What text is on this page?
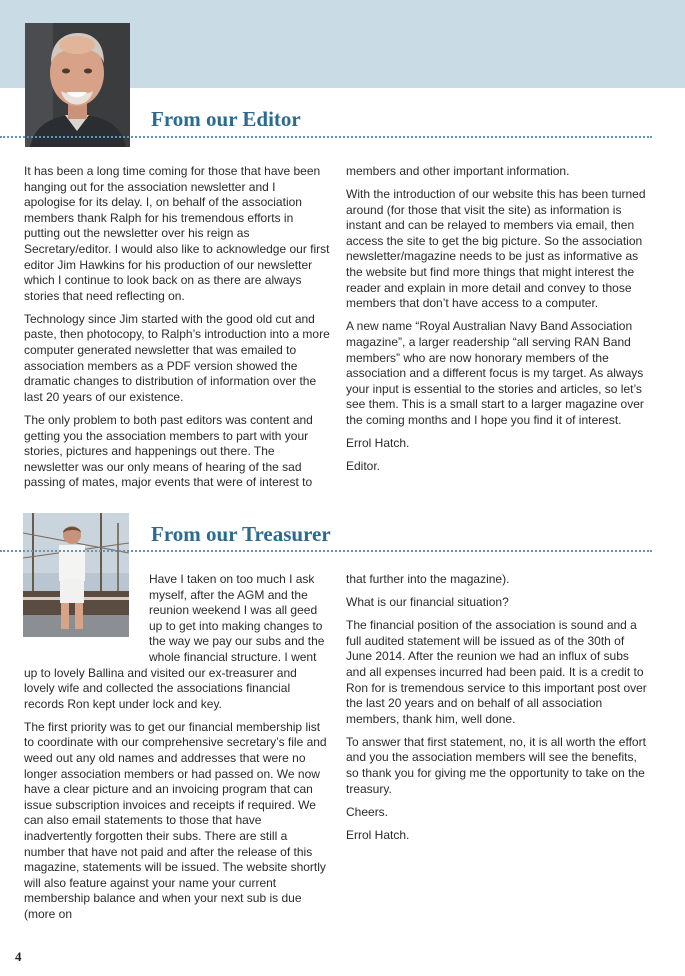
From our Editor

It has been a long time coming for those that have been hanging out for the association newsletter and I apologise for its delay. I, on behalf of the association members thank Ralph for his tremendous efforts in putting out the newsletter over his reign as Secretary/editor. I would also like to acknowledge our first editor Jim Hawkins for his production of our newsletter which I continue to look back on as there are always stories that need reflecting on.

Technology since Jim started with the good old cut and paste, then photocopy, to Ralph’s introduction into a more computer generated newsletter that was emailed to association members as a PDF version showed the dramatic changes to distribution of information over the last 20 years of our existence.

The only problem to both past editors was content and getting you the association members to part with your stories, pictures and happenings out there. The newsletter was our only means of hearing of the sad passing of mates, major events that were of interest to

members and other important information.

With the introduction of our website this has been turned around (for those that visit the site) as information is instant and can be relayed to members via email, then access the site to get the big picture. So the association newsletter/magazine needs to be just as informative as the website but find more things that might interest the reader and explain in more detail and convey to those members that don’t have access to a computer.

A new name “Royal Australian Navy Band Association magazine”, a larger readership “all serving RAN Band members” who are now honorary members of the association and a different focus is my target. As always your input is essential to the stories and articles, so let’s see them. This is a small start to a larger magazine over the coming months and I hope you find it of interest.

Errol Hatch.

Editor.

From our Treasurer

Have I taken on too much I ask myself, after the AGM and the reunion weekend I was all geed up to get into making changes to the way we pay our subs and the whole financial structure. I went up to lovely Ballina and visited our ex-treasurer and lovely wife and collected the associations financial records Ron kept under lock and key.

The first priority was to get our financial membership list to coordinate with our comprehensive secretary’s file and weed out any old names and addresses that were no longer association members or had passed on. We now have a clear picture and an invoicing program that can issue subscription invoices and receipts if required. We can also email statements to those that have inadvertently forgotten their subs. There are still a number that have not paid and after the release of this magazine, statements will be issued. The website shortly will also feature against your name your current membership balance and when your next sub is due (more on

that further into the magazine).

What is our financial situation?

The financial position of the association is sound and a full audited statement will be issued as of the 30th of June 2014. After the reunion we had an influx of subs and all expenses incurred had been paid. It is a credit to Ron for is tremendous service to this important post over the last 20 years and on behalf of all association members, thank him, well done.

To answer that first statement, no, it is all worth the effort and you the association members will see the benefits, so thank you for giving me the opportunity to take on the treasury.

Cheers.

Errol Hatch.

4
